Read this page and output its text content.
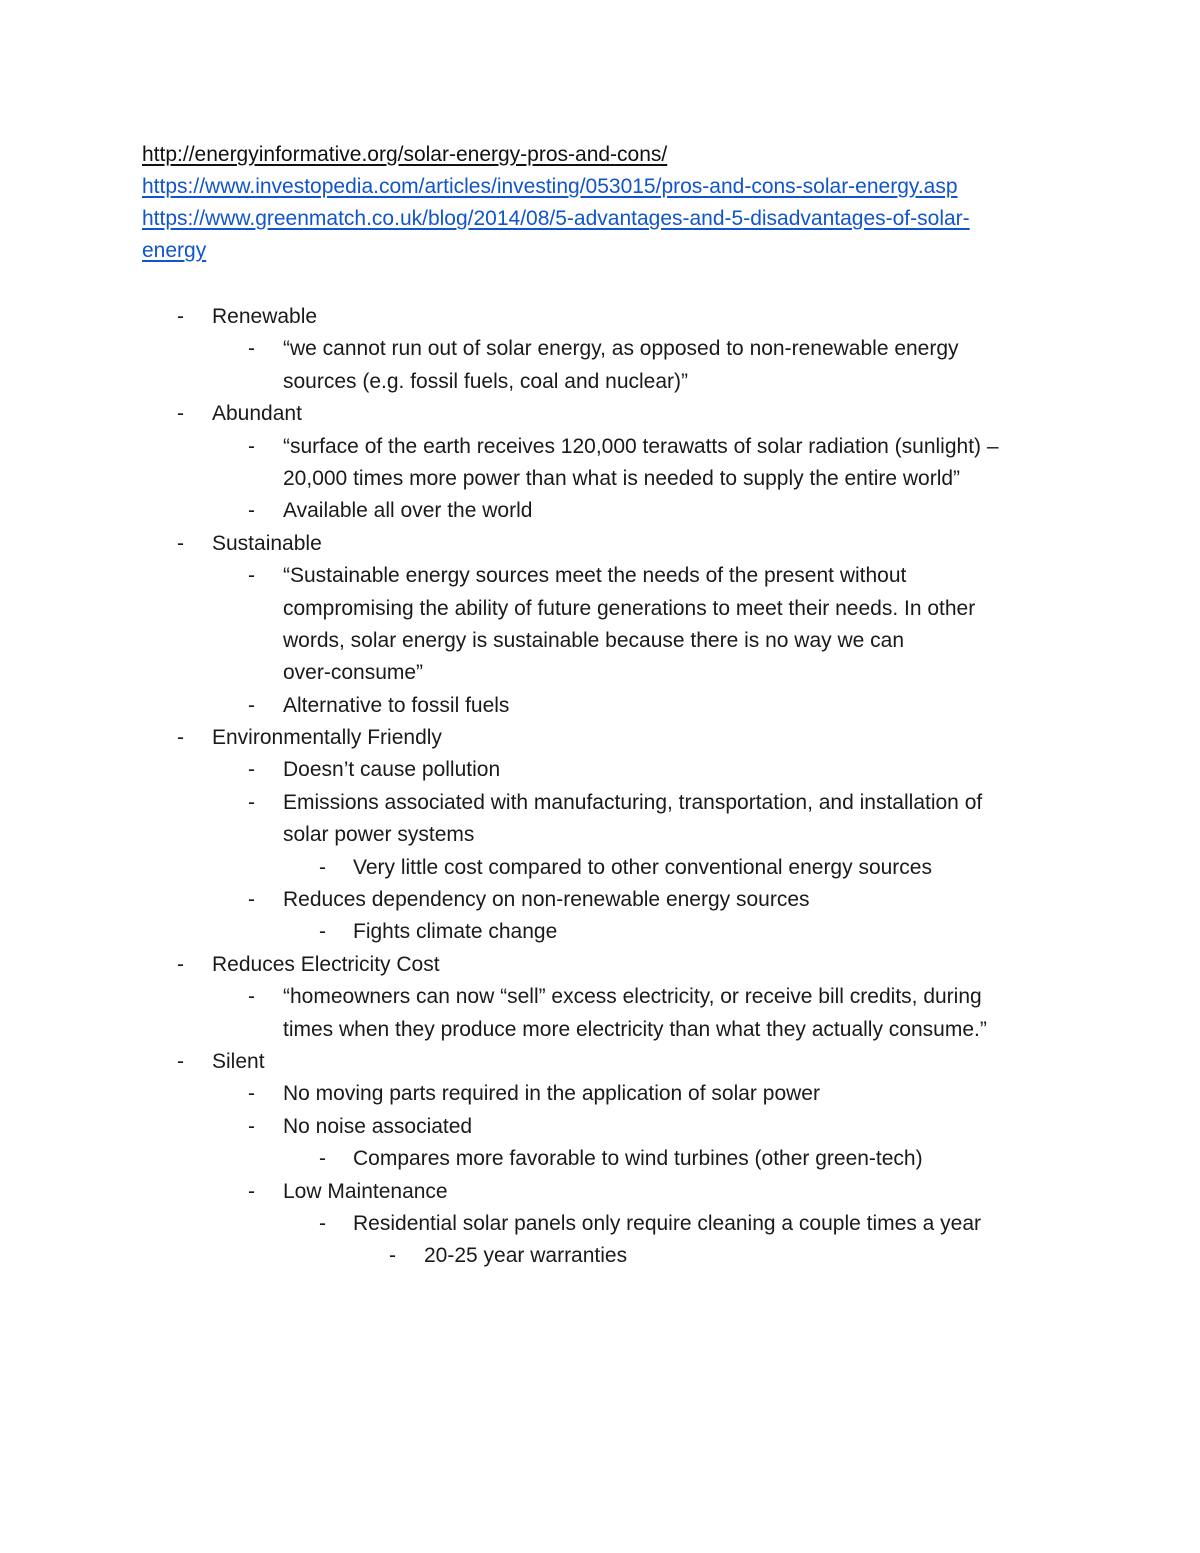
http://energyinformative.org/solar-energy-pros-and-cons/
https://www.investopedia.com/articles/investing/053015/pros-and-cons-solar-energy.asp
https://www.greenmatch.co.uk/blog/2014/08/5-advantages-and-5-disadvantages-of-solar-
energy
- Renewable
- “we cannot run out of solar energy, as opposed to non-renewable energy
sources (e.g. fossil fuels, coal and nuclear)”
- Abundant
- “surface of the earth receives 120,000 terawatts of solar radiation (sunlight) –
20,000 times more power than what is needed to supply the entire world”
- Available all over the world
- Sustainable
- “Sustainable energy sources meet the needs of the present without
compromising the ability of future generations to meet their needs. In other
words, solar energy is sustainable because there is no way we can
over-consume”
- Alternative to fossil fuels
- Environmentally Friendly
- Doesn’t cause pollution
- Emissions associated with manufacturing, transportation, and installation of
solar power systems
- Very little cost compared to other conventional energy sources
- Reduces dependency on non-renewable energy sources
- Fights climate change
- Reduces Electricity Cost
- “homeowners can now “sell” excess electricity, or receive bill credits, during
times when they produce more electricity than what they actually consume.”
- Silent
- No moving parts required in the application of solar power
- No noise associated
- Compares more favorable to wind turbines (other green-tech)
- Low Maintenance
- Residential solar panels only require cleaning a couple times a year
- 20-25 year warranties
